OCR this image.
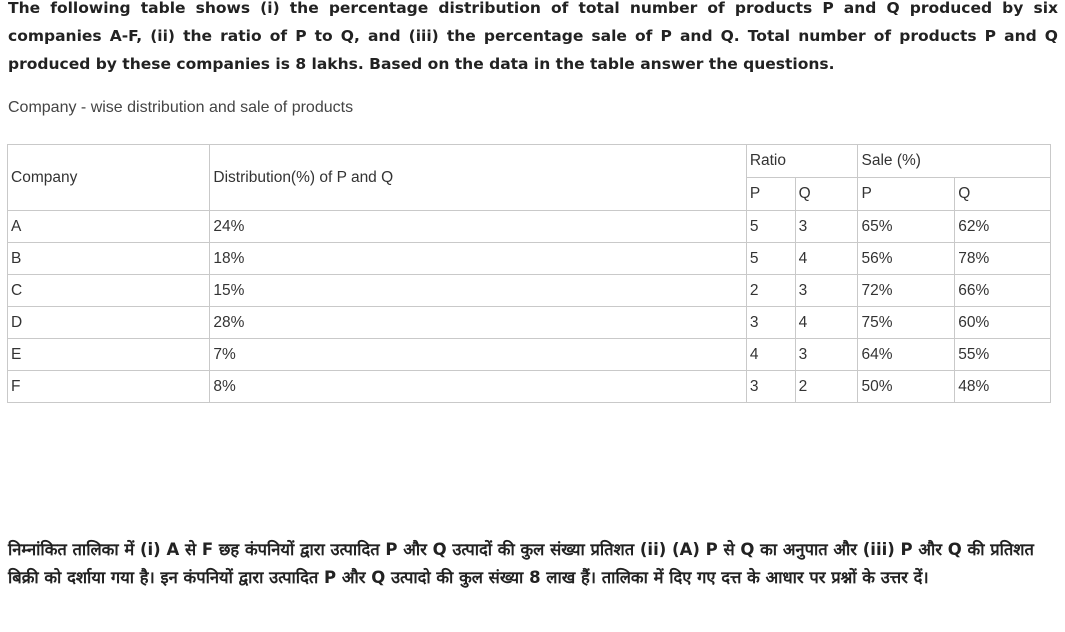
The following table shows (i) the percentage distribution of total number of products P and Q produced by six companies A-F, (ii) the ratio of P to Q, and (iii) the percentage sale of P and Q. Total number of products P and Q produced by these companies is 8 lakhs. Based on the data in the table answer the questions.

Company - wise distribution and sale of products

Company	Distribution(%) of P and Q	Ratio		Sale (%)	
		P	Q	P	Q
A	24%	5	3	65%	62%
B	18%	5	4	56%	78%
C	15%	2	3	72%	66%
D	28%	3	4	75%	60%
E	7%	4	3	64%	55%
F	8%	3	2	50%	48%

निम्नांकित तालिका में (i) A से F छह कंपनियों द्वारा उत्पादित P और Q उत्पादों की कुल संख्या प्रतिशत (ii) (A) P से Q का अनुपात और (iii) P और Q की प्रतिशत बिक्री को दर्शाया गया है। इन कंपनियों द्वारा उत्पादित P और Q उत्पादो की कुल संख्या 8 लाख हैं। तालिका में दिए गए दत्त के आधार पर प्रश्नों के उत्तर दें।
